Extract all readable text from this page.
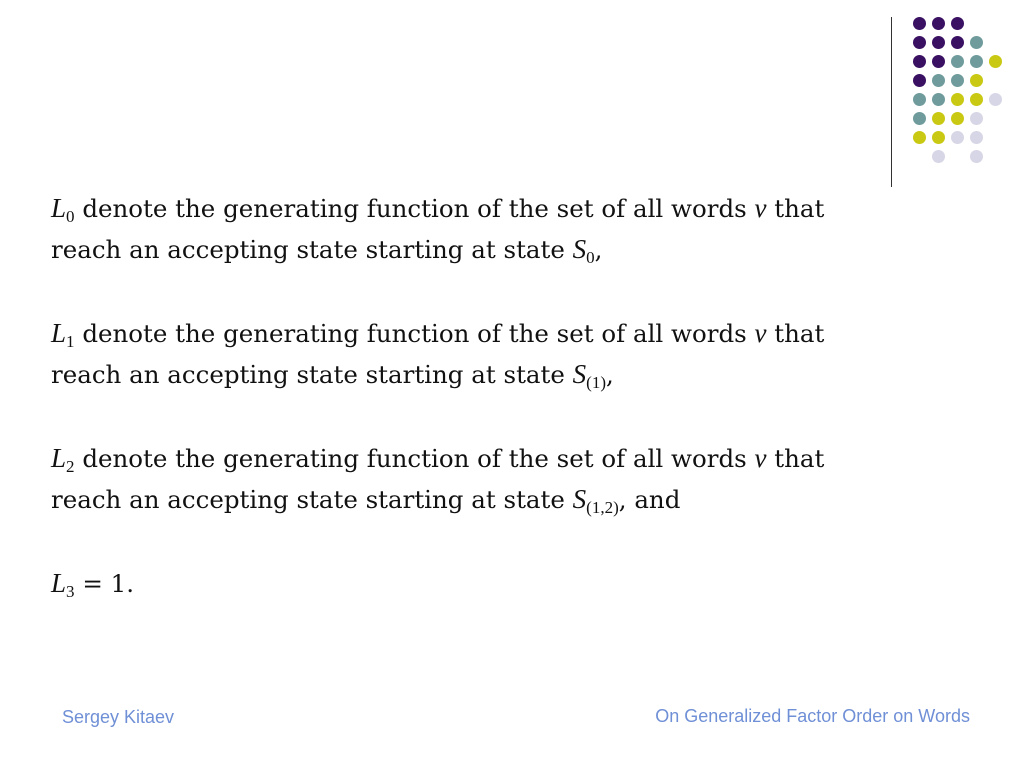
$L_0$ denote the generating function of the set of all words v that reach an accepting state starting at state $S_0$,

$L_1$ denote the generating function of the set of all words v that reach an accepting state starting at state $S_{(1)}$,

$L_2$ denote the generating function of the set of all words v that reach an accepting state starting at state $S_{(1,2)}$, and

$L_3 = 1$.

Sergey Kitaev	On Generalized Factor Order on Words
